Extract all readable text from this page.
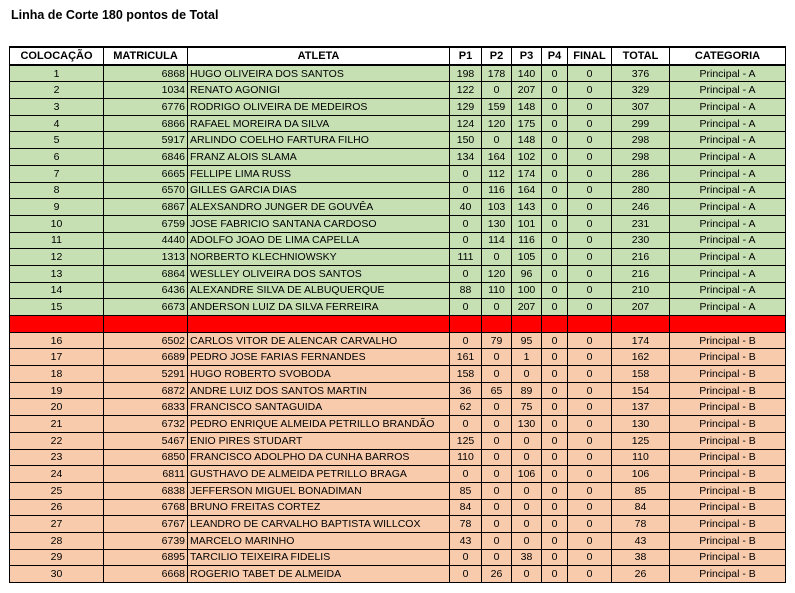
Linha de Corte 180 pontos de Total
COLOCAÇÃO	MATRICULA	ATLETA	P1	P2	P3	P4	FINAL	TOTAL	CATEGORIA
1	6868	HUGO OLIVEIRA DOS SANTOS	198	178	140	0	0	376	Principal - A
2	1034	RENATO AGONIGI	122	0	207	0	0	329	Principal - A
3	6776	RODRIGO OLIVEIRA DE MEDEIROS	129	159	148	0	0	307	Principal - A
4	6866	RAFAEL MOREIRA DA SILVA	124	120	175	0	0	299	Principal - A
5	5917	ARLINDO COELHO FARTURA FILHO	150	0	148	0	0	298	Principal - A
6	6846	FRANZ ALOIS SLAMA	134	164	102	0	0	298	Principal - A
7	6665	FELLIPE LIMA RUSS	0	112	174	0	0	286	Principal - A
8	6570	GILLES GARCIA DIAS	0	116	164	0	0	280	Principal - A
9	6867	ALEXSANDRO JUNGER DE GOUVÊA	40	103	143	0	0	246	Principal - A
10	6759	JOSE FABRICIO SANTANA CARDOSO	0	130	101	0	0	231	Principal - A
11	4440	ADOLFO JOAO DE LIMA CAPELLA	0	114	116	0	0	230	Principal - A
12	1313	NORBERTO KLECHNIOWSKY	111	0	105	0	0	216	Principal - A
13	6864	WESLLEY OLIVEIRA DOS SANTOS	0	120	96	0	0	216	Principal - A
14	6436	ALEXANDRE SILVA DE ALBUQUERQUE	88	110	100	0	0	210	Principal - A
15	6673	ANDERSON LUIZ DA SILVA FERREIRA	0	0	207	0	0	207	Principal - A

16	6502	CARLOS VITOR DE ALENCAR CARVALHO	0	79	95	0	0	174	Principal - B
17	6689	PEDRO JOSE FARIAS FERNANDES	161	0	1	0	0	162	Principal - B
18	5291	HUGO ROBERTO SVOBODA	158	0	0	0	0	158	Principal - B
19	6872	ANDRE LUIZ DOS SANTOS MARTIN	36	65	89	0	0	154	Principal - B
20	6833	FRANCISCO SANTAGUIDA	62	0	75	0	0	137	Principal - B
21	6732	PEDRO ENRIQUE ALMEIDA PETRILLO BRANDÃO	0	0	130	0	0	130	Principal - B
22	5467	ENIO PIRES STUDART	125	0	0	0	0	125	Principal - B
23	6850	FRANCISCO ADOLPHO DA CUNHA BARROS	110	0	0	0	0	110	Principal - B
24	6811	GUSTHAVO DE ALMEIDA PETRILLO BRAGA	0	0	106	0	0	106	Principal - B
25	6838	JEFFERSON MIGUEL BONADIMAN	85	0	0	0	0	85	Principal - B
26	6768	BRUNO FREITAS CORTEZ	84	0	0	0	0	84	Principal - B
27	6767	LEANDRO DE CARVALHO BAPTISTA WILLCOX	78	0	0	0	0	78	Principal - B
28	6739	MARCELO MARINHO	43	0	0	0	0	43	Principal - B
29	6895	TARCILIO TEIXEIRA FIDELIS	0	0	38	0	0	38	Principal - B
30	6668	ROGERIO TABET DE ALMEIDA	0	26	0	0	0	26	Principal - B
